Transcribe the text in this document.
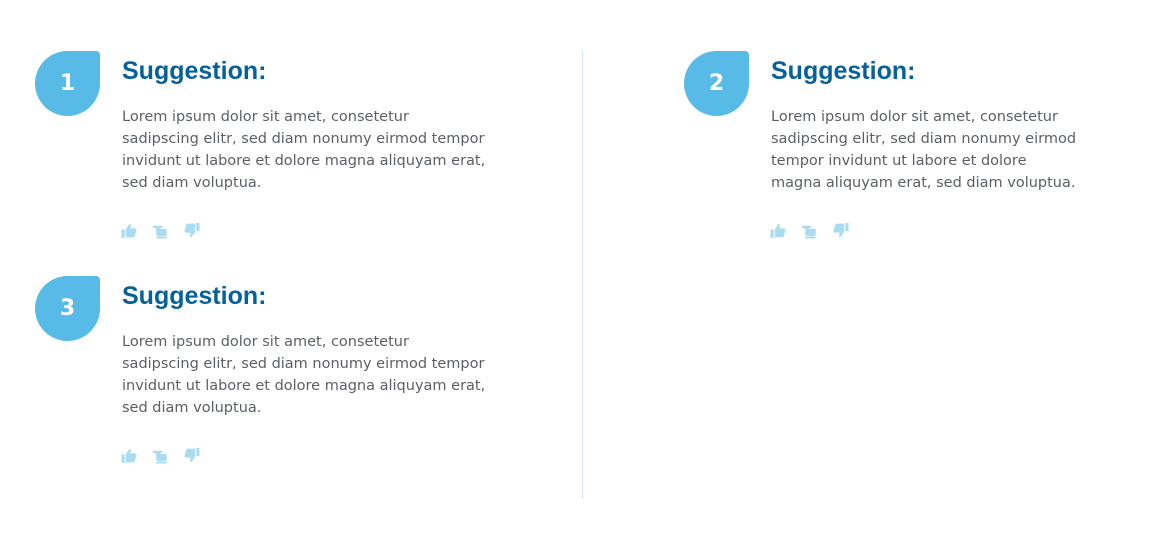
1	Suggestion:

Lorem ipsum dolor sit amet, consetetur sadipscing elitr, sed diam nonumy eirmod tempor invidunt ut labore et dolore magna aliquyam erat, sed diam voluptua.

2	Suggestion:

Lorem ipsum dolor sit amet, consetetur sadipscing elitr, sed diam nonumy eirmod tempor invidunt ut labore et dolore magna aliquyam erat, sed diam voluptua.

3	Suggestion:

Lorem ipsum dolor sit amet, consetetur sadipscing elitr, sed diam nonumy eirmod tempor invidunt ut labore et dolore magna aliquyam erat, sed diam voluptua.
